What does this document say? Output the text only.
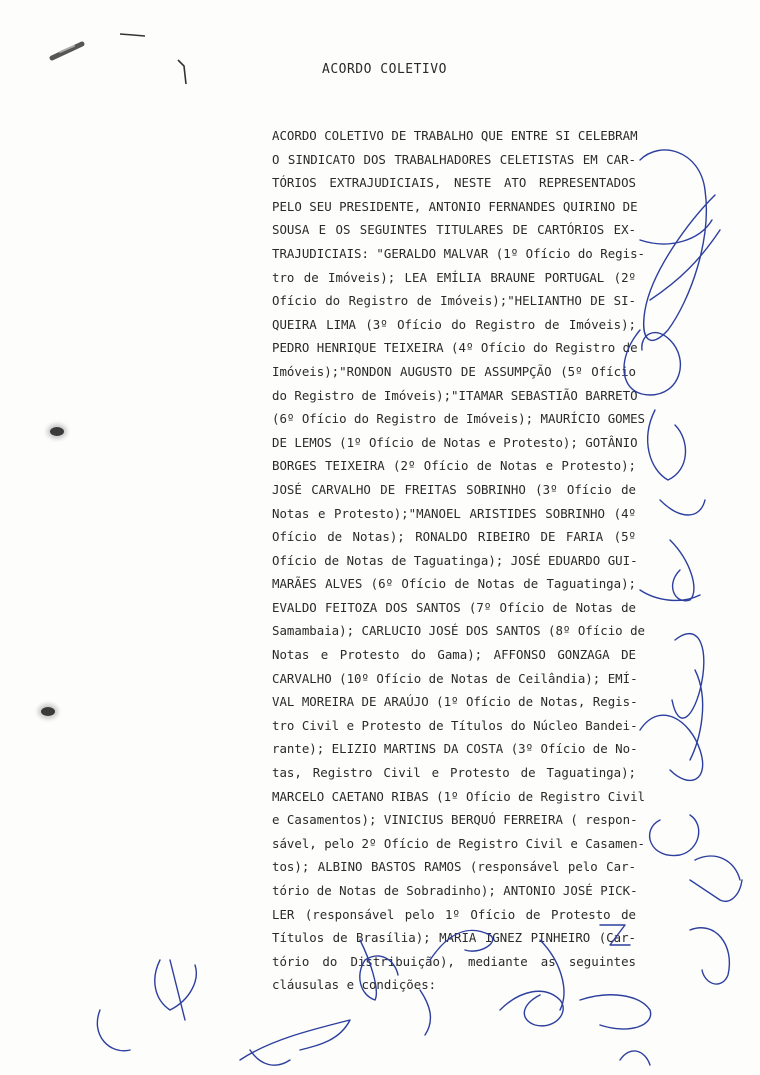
ACORDO COLETIVO
ACORDO COLETIVO DE TRABALHO QUE ENTRE SI CELEBRAM
O SINDICATO DOS TRABALHADORES CELETISTAS EM CAR-
TÓRIOS EXTRAJUDICIAIS, NESTE ATO REPRESENTADOS
PELO SEU PRESIDENTE, ANTONIO FERNANDES QUIRINO DE
SOUSA E OS SEGUINTES TITULARES DE CARTÓRIOS EX-
TRAJUDICIAIS: "GERALDO MALVAR (1º Ofício do Regis-
tro de Imóveis); LEA EMÍLIA BRAUNE PORTUGAL (2º
Ofício do Registro de Imóveis);"HELIANTHO DE SI-
QUEIRA LIMA (3º Ofício do Registro de Imóveis);
PEDRO HENRIQUE TEIXEIRA (4º Ofício do Registro de
Imóveis);"RONDON AUGUSTO DE ASSUMPÇÃO (5º Ofício
do Registro de Imóveis);"ITAMAR SEBASTIÃO BARRETO
(6º Ofício do Registro de Imóveis); MAURÍCIO GOMES
DE LEMOS (1º Ofício de Notas e Protesto); GOTÂNIO
BORGES TEIXEIRA (2º Ofício de Notas e Protesto);
JOSÉ CARVALHO DE FREITAS SOBRINHO (3º Ofício de
Notas e Protesto);"MANOEL ARISTIDES SOBRINHO (4º
Ofício de Notas); RONALDO RIBEIRO DE FARIA (5º
Ofício de Notas de Taguatinga); JOSÉ EDUARDO GUI-
MARÃES ALVES (6º Ofício de Notas de Taguatinga);
EVALDO FEITOZA DOS SANTOS (7º Ofício de Notas de
Samambaia); CARLUCIO JOSÉ DOS SANTOS (8º Ofício de
Notas e Protesto do Gama); AFFONSO GONZAGA DE
CARVALHO (10º Ofício de Notas de Ceilândia); EMÍ-
VAL MOREIRA DE ARAÚJO (1º Ofício de Notas, Regis-
tro Civil e Protesto de Títulos do Núcleo Bandei-
rante); ELIZIO MARTINS DA COSTA (3º Ofício de No-
tas, Registro Civil e Protesto de Taguatinga);
MARCELO CAETANO RIBAS (1º Ofício de Registro Civil
e Casamentos); VINICIUS BERQUÓ FERREIRA ( respon-
sável, pelo 2º Ofício de Registro Civil e Casamen-
tos); ALBINO BASTOS RAMOS (responsável pelo Car-
tório de Notas de Sobradinho); ANTONIO JOSÉ PICK-
LER (responsável pelo 1º Ofício de Protesto de
Títulos de Brasília); MARIA IGNEZ PINHEIRO (Car-
tório do Distribuição), mediante as seguintes
cláusulas e condições:
